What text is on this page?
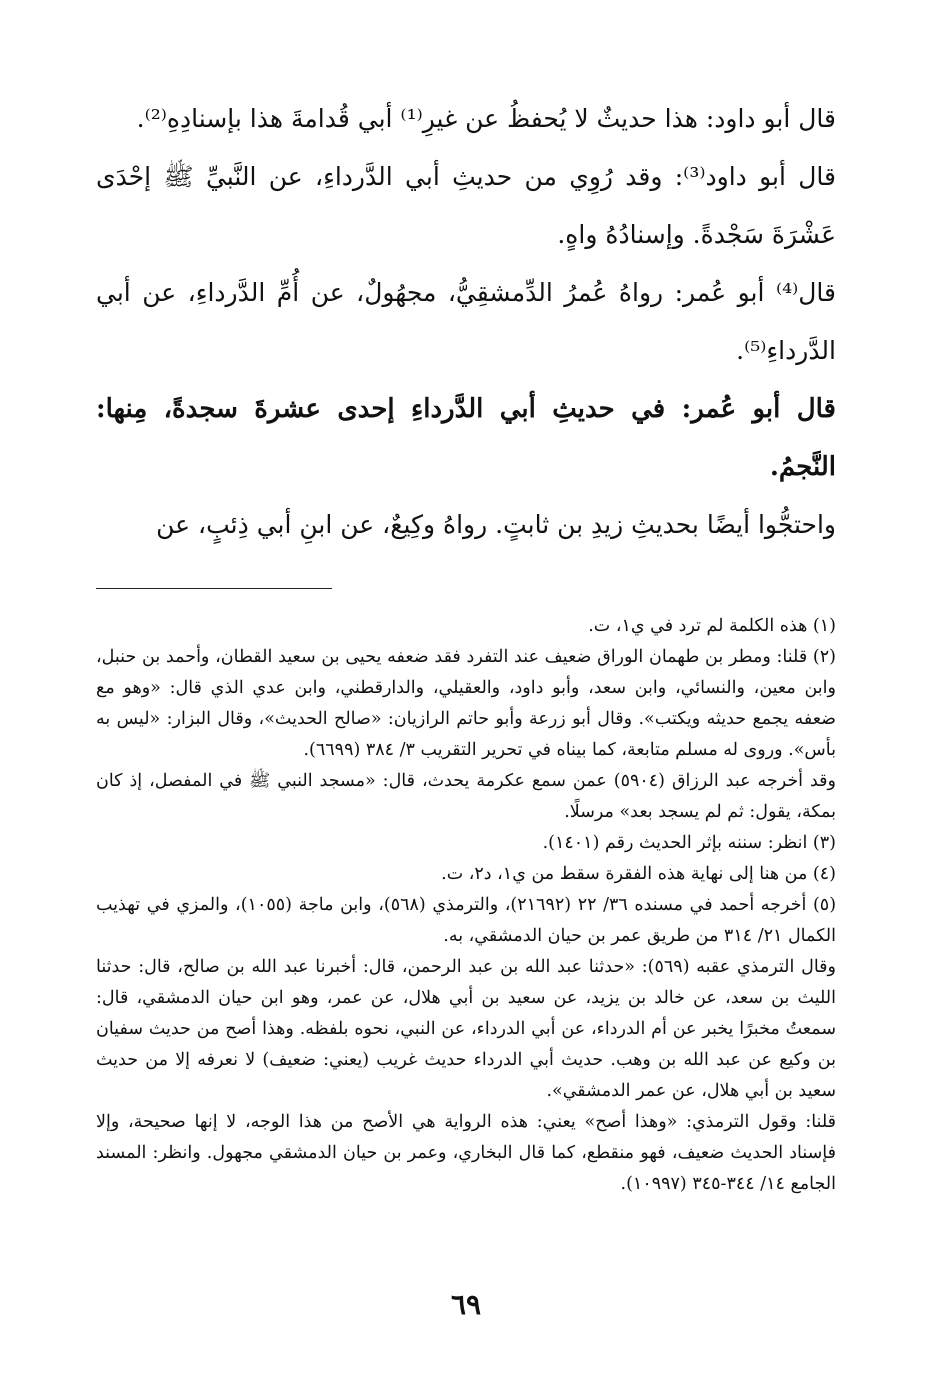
قال أبو داود: هذا حديثٌ لا يُحفظُ عن غيرِ⁽¹⁾ أبي قُدامةَ هذا بإسنادِهِ⁽²⁾.

قال أبو داود⁽³⁾: وقد رُوِي من حديثِ أبي الدَّرداءِ، عن النَّبيِّ ﷺ إحْدَى عَشْرَةَ سَجْدةً. وإسنادُهُ واهٍ.

قال⁽⁴⁾ أبو عُمر: رواهُ عُمرُ الدِّمشقِيُّ، مجهُولٌ، عن أُمِّ الدَّرداءِ، عن أبي الدَّرداءِ⁽⁵⁾.

قال أبو عُمر: في حديثِ أبي الدَّرداءِ إحدى عشرةَ سجدةً، مِنها: النَّجمُ.

واحتجُّوا أيضًا بحديثِ زيدِ بن ثابتٍ. رواهُ وكِيعٌ، عن ابنِ أبي ذِئبٍ، عن

(١) هذه الكلمة لم ترد في ي١، ت.

(٢) قلنا: ومطر بن طهمان الوراق ضعيف عند التفرد فقد ضعفه يحيى بن سعيد القطان، وأحمد بن حنبل، وابن معين، والنسائي، وابن سعد، وأبو داود، والعقيلي، والدارقطني، وابن عدي الذي قال: «وهو مع ضعفه يجمع حديثه ويكتب». وقال أبو زرعة وأبو حاتم الرازيان: «صالح الحديث»، وقال البزار: «ليس به بأس». وروى له مسلم متابعة، كما بيناه في تحرير التقريب ٣/ ٣٨٤ (٦٦٩٩).

وقد أخرجه عبد الرزاق (٥٩٠٤) عمن سمع عكرمة يحدث، قال: «مسجد النبي ﷺ في المفصل، إذ كان بمكة، يقول: ثم لم يسجد بعد» مرسلًا.

(٣) انظر: سننه بإثر الحديث رقم (١٤٠١).

(٤) من هنا إلى نهاية هذه الفقرة سقط من ي١، د٢، ت.

(٥) أخرجه أحمد في مسنده ٣٦/ ٢٢ (٢١٦٩٢)، والترمذي (٥٦٨)، وابن ماجة (١٠٥٥)، والمزي في تهذيب الكمال ٢١/ ٣١٤ من طريق عمر بن حيان الدمشقي، به.

وقال الترمذي عقبه (٥٦٩): «حدثنا عبد الله بن عبد الرحمن، قال: أخبرنا عبد الله بن صالح، قال: حدثنا الليث بن سعد، عن خالد بن يزيد، عن سعيد بن أبي هلال، عن عمر، وهو ابن حيان الدمشقي، قال: سمعتُ مخبرًا يخبر عن أم الدرداء، عن أبي الدرداء، عن النبي، نحوه بلفظه. وهذا أصح من حديث سفيان بن وكيع عن عبد الله بن وهب. حديث أبي الدرداء حديث غريب (يعني: ضعيف) لا نعرفه إلا من حديث سعيد بن أبي هلال، عن عمر الدمشقي».

قلنا: وقول الترمذي: «وهذا أصح» يعني: هذه الرواية هي الأصح من هذا الوجه، لا إنها صحيحة، وإلا فإسناد الحديث ضعيف، فهو منقطع، كما قال البخاري، وعمر بن حيان الدمشقي مجهول. وانظر: المسند الجامع ١٤/ ٣٤٤-٣٤٥ (١٠٩٩٧).

٦٩
